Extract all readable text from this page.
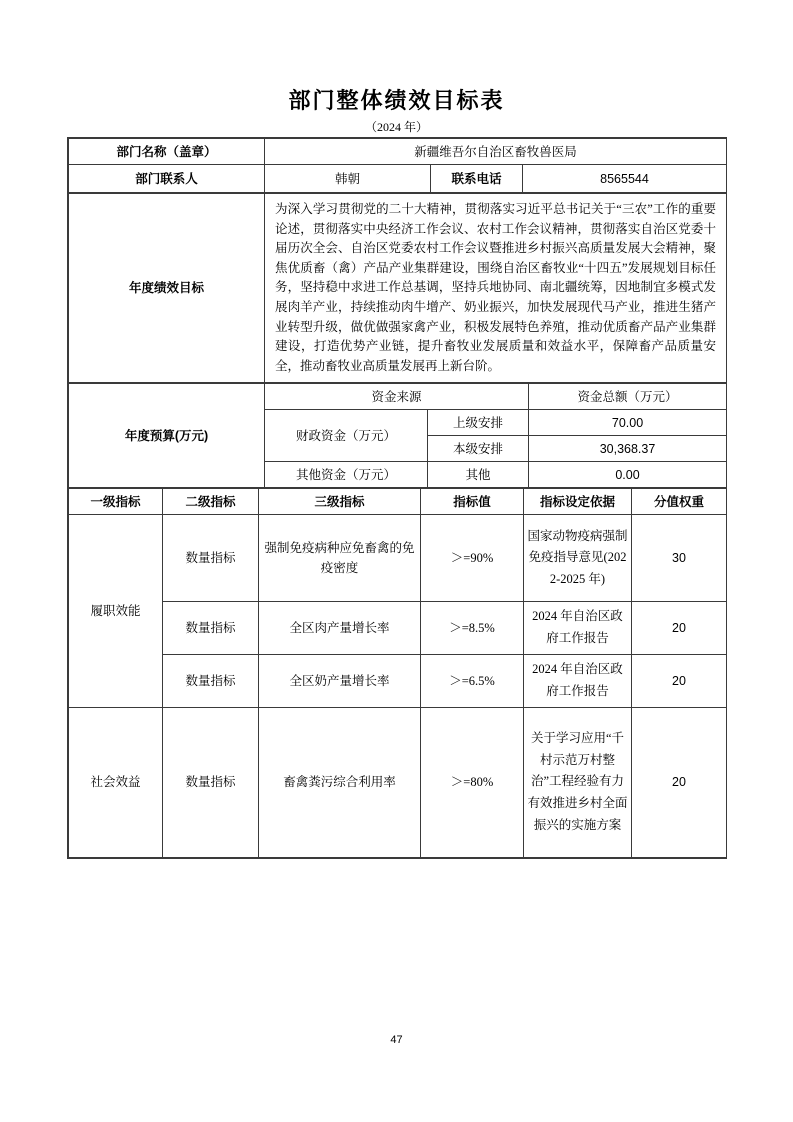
部门整体绩效目标表
（2024 年）
部门名称（盖章）	新疆维吾尔自治区畜牧兽医局		
部门联系人	韩朝	联系电话	8565544
年度绩效目标	为深入学习贯彻党的二十大精神，贯彻落实习近平总书记关于“三农”工作的重要论述，贯彻落实中央经济工作会议、农村工作会议精神，贯彻落实自治区党委十届历次全会、自治区党委农村工作会议暨推进乡村振兴高质量发展大会精神，聚焦优质畜（禽）产品产业集群建设，围绕自治区畜牧业“十四五”发展规划目标任务，坚持稳中求进工作总基调，坚持兵地协同、南北疆统筹，因地制宜多模式发展肉羊产业，持续推动肉牛增产、奶业振兴，加快发展现代马产业，推进生猪产业转型升级，做优做强家禽产业，积极发展特色养殖，推动优质畜产品产业集群建设，打造优势产业链，提升畜牧业发展质量和效益水平，保障畜产品质量安全，推动畜牧业高质量发展再上新台阶。
年度预算(万元)	资金来源		资金总额（万元）
	财政资金（万元）	上级安排	70.00
		本级安排	30,368.37
	其他资金（万元）	其他	0.00
一级指标	二级指标	三级指标	指标值	指标设定依据	分值权重
履职效能	数量指标	强制免疫病种应免畜禽的免疫密度	＞=90%	国家动物疫病强制免疫指导意见(2022-2025 年)	30
	数量指标	全区肉产量增长率	＞=8.5%	2024 年自治区政府工作报告	20
	数量指标	全区奶产量增长率	＞=6.5%	2024 年自治区政府工作报告	20
社会效益	数量指标	畜禽粪污综合利用率	＞=80%	关于学习应用“千村示范万村整治”工程经验有力有效推进乡村全面振兴的实施方案	20
47
